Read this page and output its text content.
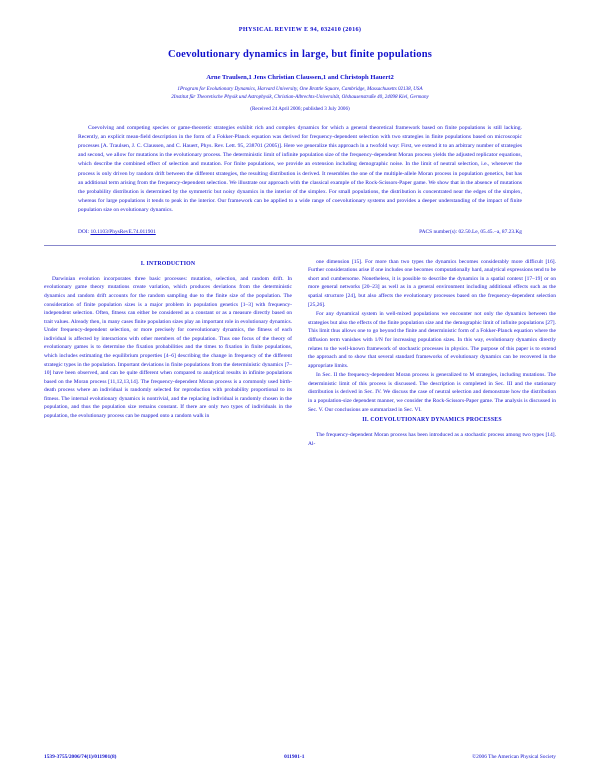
PHYSICAL REVIEW E 94, 032410 (2016)
Coevolutionary dynamics in large, but finite populations
Arne Traulsen,1 Jens Christian Claussen,1 and Christoph Hauert2
1Program for Evolutionary Dynamics, Harvard University, One Brattle Square, Cambridge, Massachusetts 02138, USA
2Institut für Theoretische Physik und Astrophysik, Christian-Albrechts-Universität, Olshausenstraße 40, 24098 Kiel, Germany
(Received 24 April 2006; published 3 July 2006)
Coevolving and competing species or game-theoretic strategies exhibit rich and complex dynamics for which a general theoretical framework based on finite populations is still lacking. Recently, an explicit mean-field description in the form of a Fokker-Planck equation was derived for frequency-dependent selection with two strategies in finite populations based on microscopic processes [A. Traulsen, J. C. Claussen, and C. Hauert, Phys. Rev. Lett. 95, 238701 (2005)]. Here we generalize this approach in a twofold way: First, we extend it to an arbitrary number of strategies and second, we allow for mutations in the evolutionary process. The deterministic limit of infinite population size of the frequency-dependent Moran process yields the adjusted replicator equations, which describe the combined effect of selection and mutation. For finite populations, we provide an extension including demographic noise. In the limit of neutral selection, i.e., whenever the process is only driven by random drift between the different strategies, the resulting distribution is derived. It resembles the one of the multiple-allele Moran process in population genetics, but has an additional term arising from the frequency-dependent selection. We illustrate our approach with the classical example of the Rock-Scissors-Paper game. We show that in the absence of mutations the probability distribution is determined by the symmetric but noisy dynamics in the interior of the simplex. For small populations, the distribution is concentrated near the edges of the simplex, whereas for large populations it tends to peak in the interior. Our framework can be applied to a wide range of coevolutionary systems and provides a deeper understanding of the impact of finite population size on evolutionary dynamics.
DOI: 10.1103/PhysRevE.74.011901	PACS number(s): 02.50.Le, 05.45.−a, 87.23.Kg
I. INTRODUCTION

Darwinian evolution incorporates three basic processes: mutation, selection, and random drift. In evolutionary game theory mutations create variation, which produces deviations from the deterministic dynamics and random drift accounts for the random sampling due to the finite size of the population. The consideration of finite population sizes is a major problem in population genetics [1–3] with frequency-independent selection. Often, fitness can either be considered as a constant or as a measure directly based on trait values. Already then, in many cases finite population sizes play an important role in evolutionary dynamics. Under frequency-dependent selection, or more precisely for coevolutionary dynamics, the fitness of each individual is affected by interactions with other members of the population. Thus one focus of the theory of evolutionary games is to determine the fixation probabilities and the times to fixation in finite populations, which includes estimating the equilibrium properties [4–6] describing the change in frequency of the different strategic types in the population. Important deviations in finite populations from the deterministic dynamics [7–10] have been observed, and can be quite different when compared to analytical results in infinite populations based on the Moran process [11,12,13,14]. The frequency-dependent Moran process is a commonly used birth-death process where an individual is randomly selected for reproduction with probability proportional to its fitness. The internal evolutionary dynamics is nontrivial, and the replacing individual is randomly chosen in the population, and thus the population size remains constant. If there are only two types of individuals in the population, the evolutionary process can be mapped onto a random walk in

one dimension [15]. For more than two types the dynamics becomes considerably more difficult [16]. Further considerations arise if one includes one becomes computationally hard, analytical expressions tend to be short and cumbersome. Nonetheless, it is possible to describe the dynamics in a spatial context [17–19] or on more general networks [20–23] as well as in a general environment including additional effects such as the spatial structure [24], but also affects the evolutionary processes based on the frequency-dependent selection [25,26].

For any dynamical system in well-mixed populations we encounter not only the dynamics between the strategies but also the effects of the finite population size and the demographic limit of infinite populations [27]. This limit thus allows one to go beyond the finite and deterministic form of a Fokker-Planck equation where the diffusion term vanishes with 1/N for increasing population sizes. In this way, evolutionary dynamics directly relates to the well-known framework of stochastic processes in physics. The purpose of this paper is to extend the approach and to show that several standard frameworks of evolutionary dynamics can be recovered in the appropriate limits.

In Sec. II the frequency-dependent Moran process is generalized to M strategies, including mutations. The deterministic limit of this process is discussed. The description is completed in Sec. III and the stationary distribution is derived in Sec. IV. We discuss the case of neutral selection and demonstrate how the distribution in a population-size dependent manner, we consider the Rock-Scissors-Paper game. The analysis is discussed in Sec. V. Our conclusions are summarized in Sec. VI.

II. COEVOLUTIONARY DYNAMICS PROCESSES

The frequency-dependent Moran process has been introduced as a stochastic process among two types [14]. Al-

1539-3755/2006/74(1)/011901(8)	011901-1	©2006 The American Physical Society
